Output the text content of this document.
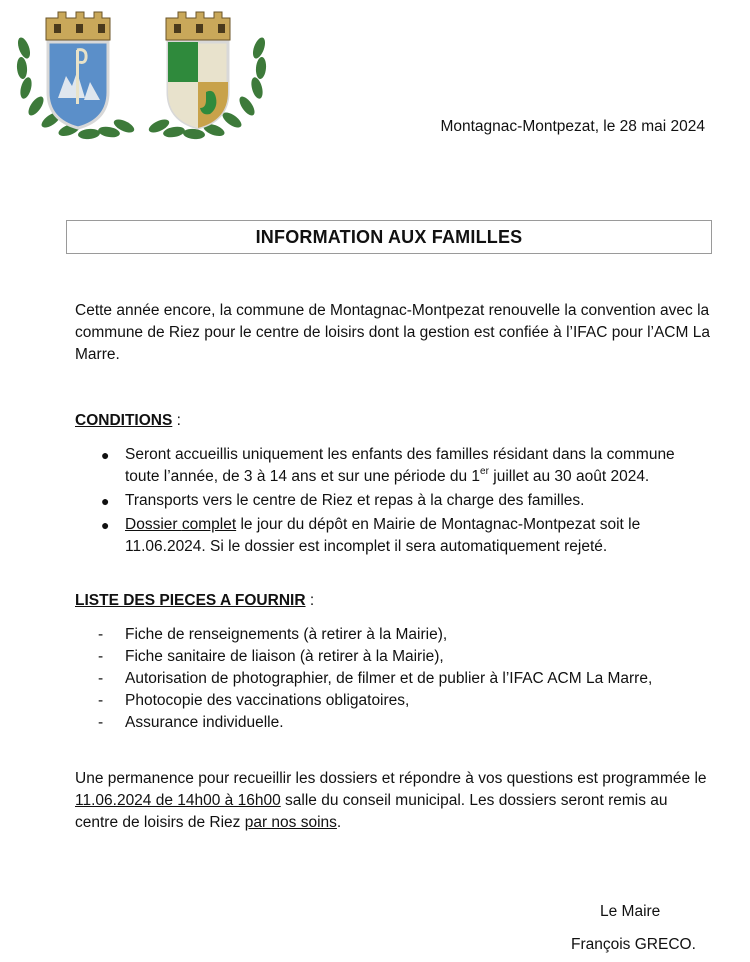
Montagnac-Montpezat, le 28 mai 2024
INFORMATION AUX FAMILLES

Cette année encore, la commune de Montagnac-Montpezat renouvelle la convention avec la commune de Riez pour le centre de loisirs dont la gestion est confiée à l’IFAC pour l’ACM La Marre.

CONDITIONS :

● Seront accueillis uniquement les enfants des familles résidant dans la commune toute l’année, de 3 à 14 ans et sur une période du 1er juillet au 30 août 2024.
● Transports vers le centre de Riez et repas à la charge des familles.
● Dossier complet le jour du dépôt en Mairie de Montagnac-Montpezat soit le 11.06.2024. Si le dossier est incomplet il sera automatiquement rejeté.

LISTE DES PIECES A FOURNIR :

- Fiche de renseignements (à retirer à la Mairie),
- Fiche sanitaire de liaison (à retirer à la Mairie),
- Autorisation de photographier, de filmer et de publier à l’IFAC ACM La Marre,
- Photocopie des vaccinations obligatoires,
- Assurance individuelle.

Une permanence pour recueillir les dossiers et répondre à vos questions est programmée le 11.06.2024 de 14h00 à 16h00 salle du conseil municipal. Les dossiers seront remis au centre de loisirs de Riez par nos soins.

Le Maire
François GRECO.
